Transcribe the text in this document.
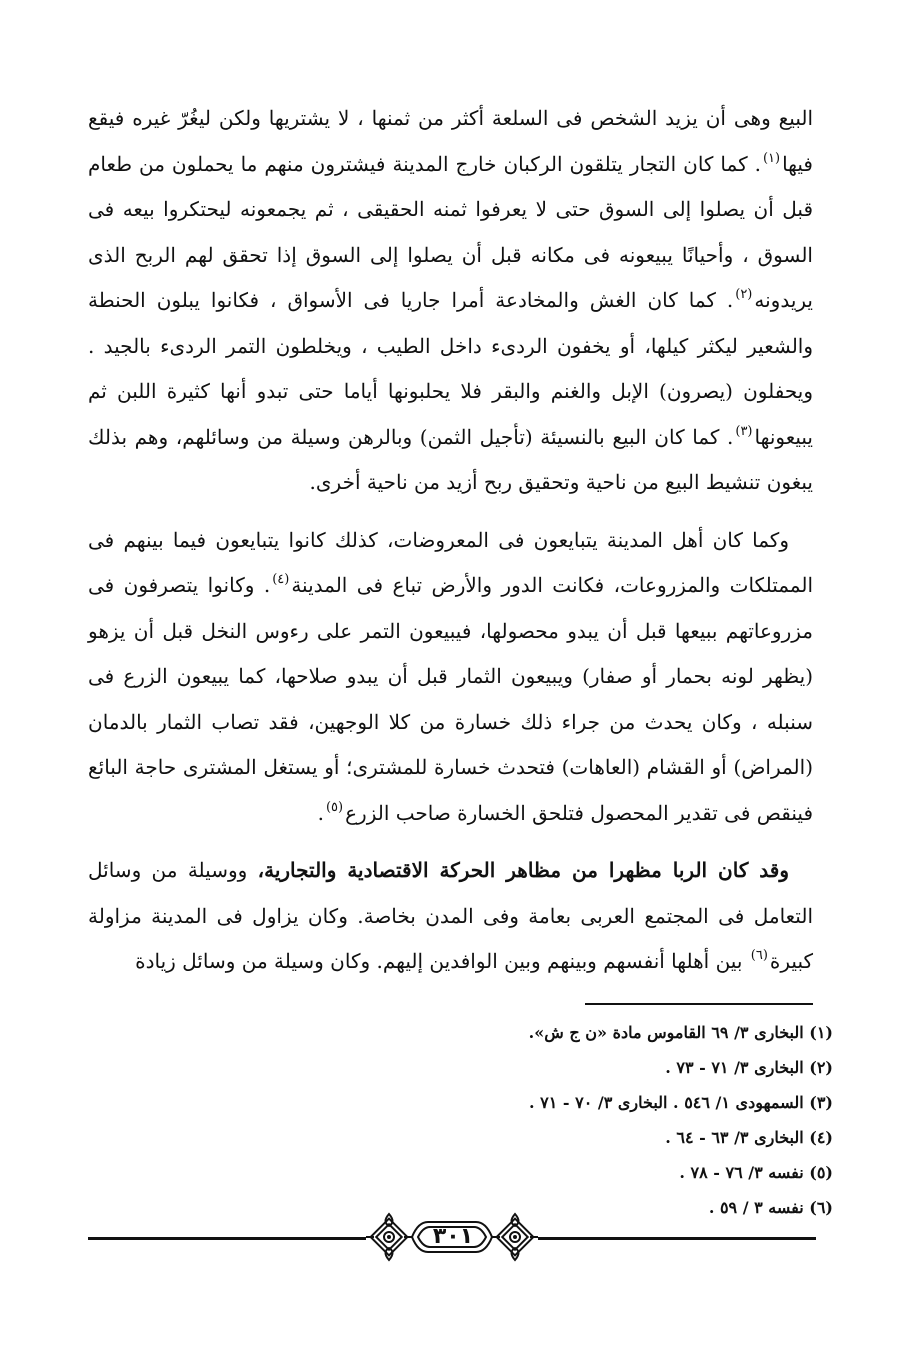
البيع وهى أن يزيد الشخص فى السلعة أكثر من ثمنها ، لا يشتريها ولكن ليغُرّ غيره فيقع فيها$^{(١)}$. كما كان التجار يتلقون الركبان خارج المدينة فيشترون منهم ما يحملون من طعام قبل أن يصلوا إلى السوق حتى لا يعرفوا ثمنه الحقيقى ، ثم يجمعونه ليحتكروا بيعه فى السوق ، وأحيانًا يبيعونه فى مكانه قبل أن يصلوا إلى السوق إذا تحقق لهم الربح الذى يريدونه$^{(٢)}$. كما كان الغش والمخادعة أمرا جاريا فى الأسواق ، فكانوا يبلون الحنطة والشعير ليكثر كيلها، أو يخفون الردىء داخل الطيب ، ويخلطون التمر الردىء بالجيد . ويحفلون (يصرون) الإبل والغنم والبقر فلا يحلبونها أياما حتى تبدو أنها كثيرة اللبن ثم يبيعونها$^{(٣)}$. كما كان البيع بالنسيئة (تأجيل الثمن) وبالرهن وسيلة من وسائلهم، وهم بذلك يبغون تنشيط البيع من ناحية وتحقيق ربح أزيد من ناحية أخرى.

وكما كان أهل المدينة يتبايعون فى المعروضات، كذلك كانوا يتبايعون فيما بينهم فى الممتلكات والمزروعات، فكانت الدور والأرض تباع فى المدينة$^{(٤)}$. وكانوا يتصرفون فى مزروعاتهم ببيعها قبل أن يبدو محصولها، فيبيعون التمر على رءوس النخل قبل أن يزهو (يظهر لونه بحمار أو صفار) ويبيعون الثمار قبل أن يبدو صلاحها، كما يبيعون الزرع فى سنبله ، وكان يحدث من جراء ذلك خسارة من كلا الوجهين، فقد تصاب الثمار بالدمان (المراض) أو القشام (العاهات) فتحدث خسارة للمشترى؛ أو يستغل المشترى حاجة البائع فينقص فى تقدير المحصول فتلحق الخسارة صاحب الزرع$^{(٥)}$.

وقد كان الربا مظهرا من مظاهر الحركة الاقتصادية والتجارية، ووسيلة من وسائل التعامل فى المجتمع العربى بعامة وفى المدن بخاصة. وكان يزاول فى المدينة مزاولة كبيرة$^{(٦)}$ بين أهلها أنفسهم وبينهم وبين الوافدين إليهم. وكان وسيلة من وسائل زيادة

(١) البخارى ٣/ ٦٩ القاموس مادة «ن ج ش».

(٢) البخارى ٣/ ٧١ - ٧٣ .

(٣) السمهودى ١/ ٥٤٦ . البخارى ٣/ ٧٠ - ٧١ .

(٤) البخارى ٣/ ٦٣ - ٦٤ .

(٥) نفسه ٣/ ٧٦ - ٧٨ .

(٦) نفسه ٣ / ٥٩ .

٣٠١
